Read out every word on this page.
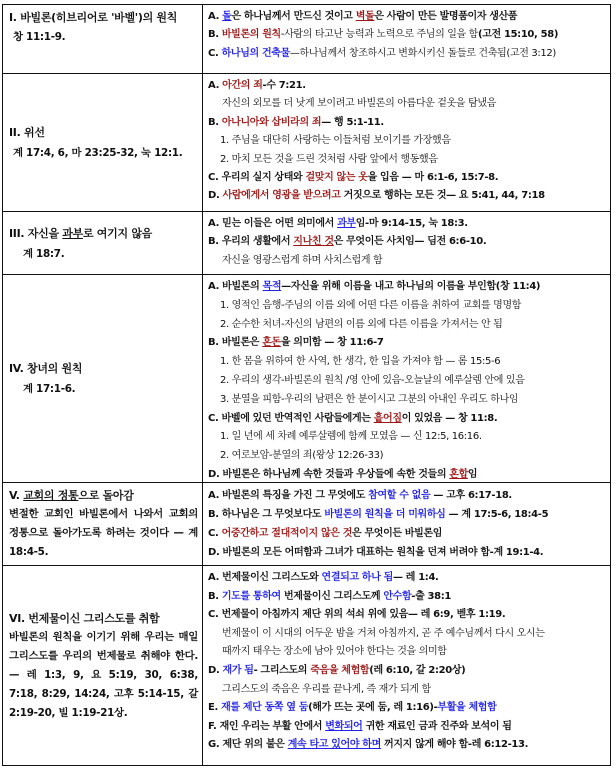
I. 바빌론(히브리어로 '바벨')의 원칙
창 11:1-9.
A. 돌은 하나님께서 만드신 것이고 벽돌은 사람이 만든 발명품이자 생산품
B. 바빌론의 원칙-사람의 타고난 능력과 노력으로 주님의 일을 함(고전 15:10, 58)
C. 하나님의 건축물—하나님께서 창조하시고 변화시키신 돌들로 건축됨(고전 3:12)
II. 위선
계 17:4, 6, 마 23:25-32, 눅 12:1.
A. 아간의 죄-수 7:21.
자신의 외모를 더 낫게 보이려고 바빌론의 아름다운 겉옷을 탐냈음
B. 아나니아와 삽비라의 죄— 행 5:1-11.
1. 주님을 대단히 사랑하는 이들처럼 보이기를 가장했음
2. 마치 모든 것을 드린 것처럼 사람 앞에서 행동했음
C. 우리의 실지 상태와 걸맞지 않는 옷을 입음 — 마 6:1-6, 15:7-8.
D. 사람에게서 영광을 받으려고 거짓으로 행하는 모든 것— 요 5:41, 44, 7:18
III. 자신을 과부로 여기지 않음
계 18:7.
A. 믿는 이들은 어떤 의미에서 과부임-마 9:14-15, 눅 18:3.
B. 우리의 생활에서 지나친 것은 무엇이든 사치임— 딤전 6:6-10.
자신을 영광스럽게 하며 사치스럽게 함
IV. 창녀의 원칙
계 17:1-6.
A. 바빌론의 목적—자신을 위해 이름을 내고 하나님의 이름을 부인함(창 11:4)
1. 영적인 음행-주님의 이름 외에 어떤 다른 이름을 취하여 교회를 명명함
2. 순수한 처녀-자신의 남편의 이름 외에 다른 이름을 가져서는 안 됨
B. 바빌론은 혼돈을 의미함 — 창 11:6-7
1. 한 몸을 위하여 한 사역, 한 생각, 한 입을 가져야 함 — 롬 15:5-6
2. 우리의 생각-바빌론의 원칙 /영 안에 있음-오늘날의 예루살렘 안에 있음
3. 분열을 피함-우리의 남편은 한 분이시고 그분의 아내인 우리도 하나임
C. 바벨에 있던 반역적인 사람들에게는 흩어짐이 있었음 — 창 11:8.
1. 일 년에 세 차례 예루살렘에 함께 모였음 — 신 12:5, 16:16.
2. 여로보암-분열의 죄(왕상 12:26-33)
D. 바빌론은 하나님께 속한 것들과 우상들에 속한 것들의 혼합임
V. 교회의 정통으로 돌아감
변절한 교회인 바빌론에서 나와서 교회의 정통으로 돌아가도록 하려는 것이다 — 계 18:4-5.
A. 바빌론의 특징을 가진 그 무엇에도 참여할 수 없음 — 고후 6:17-18.
B. 하나님은 그 무엇보다도 바빌론의 원칙을 더 미워하심 — 계 17:5-6, 18:4-5
C. 어중간하고 절대적이지 않은 것은 무엇이든 바빌론임
D. 바빌론의 모든 어떠함과 그녀가 대표하는 원칙을 던져 버려야 함-계 19:1-4.
VI. 번제물이신 그리스도를 취함
바빌론의 원칙을 이기기 위해 우리는 매일 그리스도를 우리의 번제물로 취해야 한다. — 레 1:3, 9, 요 5:19, 30, 6:38, 7:18, 8:29, 14:24, 고후 5:14-15, 갈 2:19-20, 빌 1:19-21상.
A. 번제물이신 그리스도와 연결되고 하나 됨— 레 1:4.
B. 기도를 통하여 번제물이신 그리스도께 안수함-출 38:1
C. 번제물이 아침까지 제단 위의 석쇠 위에 있음— 레 6:9, 벧후 1:19.
번제물이 이 시대의 어두운 밤을 거쳐 아침까지, 곧 주 예수님께서 다시 오시는
때까지 태우는 장소에 남아 있어야 한다는 것을 의미함
D. 재가 됨- 그리스도의 죽음을 체험함(레 6:10, 갈 2:20상)
그리스도의 죽음은 우리를 끝나게, 즉 재가 되게 함
E. 재를 제단 동쪽 옆 둠(해가 뜨는 곳에 둠, 레 1:16)-부활을 체험함
F. 재인 우리는 부활 안에서 변화되어 귀한 재료인 금과 진주와 보석이 됨
G. 제단 위의 불은 계속 타고 있어야 하며 꺼지지 않게 해야 함-레 6:12-13.
